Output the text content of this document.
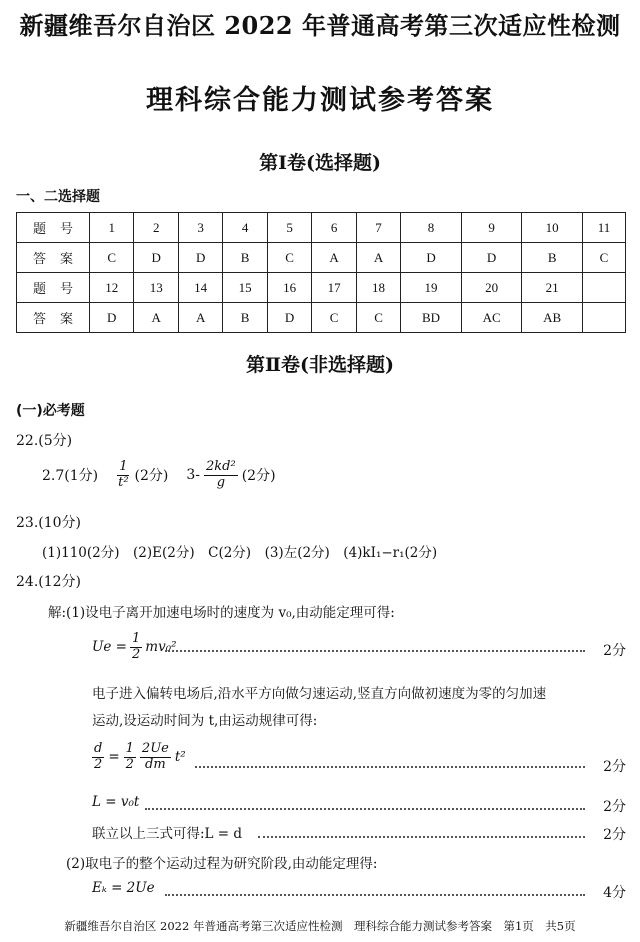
新疆维吾尔自治区 2022 年普通高考第三次适应性检测
理科综合能力测试参考答案
第Ⅰ卷(选择题)
一、二选择题
题号	1	2	3	4	5	6	7	8	9	10	11
答案	C	D	D	B	C	A	A	D	D	B	C
题号	12	13	14	15	16	17	18	19	20	21	
答案	D	A	A	B	D	C	C	BD	AC	AB	
第Ⅱ卷(非选择题)
(一)必考题
22.(5分)
2.7(1分) $\frac{1}{\text{t²}} (2$分) $3- \frac{\text{2kd²}}{g} (2$分)
23.(10分)
(1)110(2分)　(2)E(2分)　C(2分)　(3)左(2分)　(4)kI₁−r₁(2分)
24.(12分)
解:(1)设电子离开加速电场时的速度为 v₀,由动能定理可得:
$Ue = \frac{1}{2} mv_0^2$	2分
电子进入偏转电场后,沿水平方向做匀速运动,竖直方向做初速度为零的匀加速
运动,设运动时间为 t,由运动规律可得:
$\frac{d}{2} = \frac{1}{2} \frac{2Ue}{dm} t^2$
2分
L = v₀t	2分
联立以上三式可得:L = d	2分
(2)取电子的整个运动过程为研究阶段,由动能定理得:
Eₖ = 2Ue	4分
新疆维吾尔自治区 2022 年普通高考第三次适应性检测　理科综合能力测试参考答案　第1页　共5页
